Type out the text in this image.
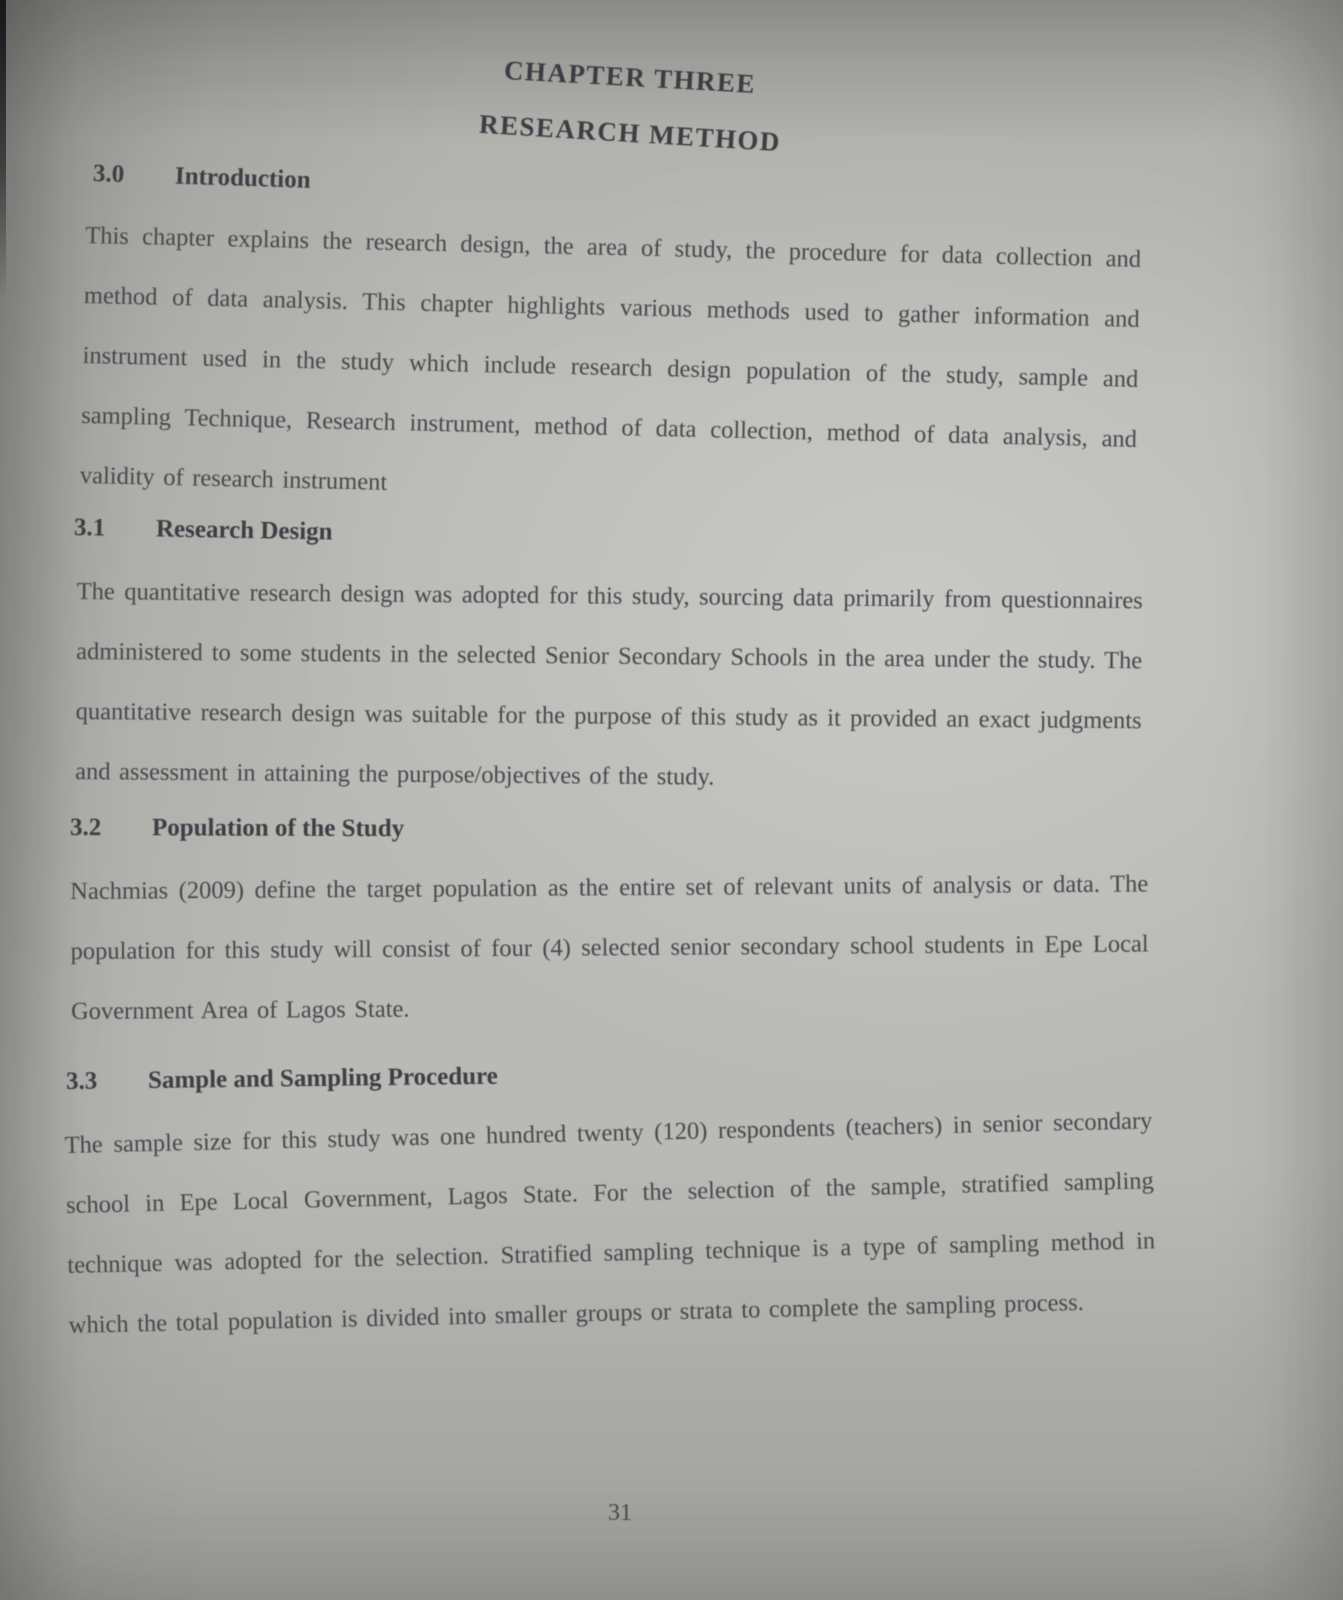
CHAPTER THREE
RESEARCH METHOD
3.0 Introduction

This chapter explains the research design, the area of study, the procedure for data collection and method of data analysis. This chapter highlights various methods used to gather information and instrument used in the study which include research design population of the study, sample and sampling Technique, Research instrument, method of data collection, method of data analysis, and validity of research instrument

3.1 Research Design

The quantitative research design was adopted for this study, sourcing data primarily from questionnaires administered to some students in the selected Senior Secondary Schools in the area under the study. The quantitative research design was suitable for the purpose of this study as it provided an exact judgments and assessment in attaining the purpose/objectives of the study.

3.2 Population of the Study

Nachmias (2009) define the target population as the entire set of relevant units of analysis or data. The population for this study will consist of four (4) selected senior secondary school students in Epe Local Government Area of Lagos State.

3.3 Sample and Sampling Procedure

The sample size for this study was one hundred twenty (120) respondents (teachers) in senior secondary school in Epe Local Government, Lagos State. For the selection of the sample, stratified sampling technique was adopted for the selection. Stratified sampling technique is a type of sampling method in which the total population is divided into smaller groups or strata to complete the sampling process.

31
